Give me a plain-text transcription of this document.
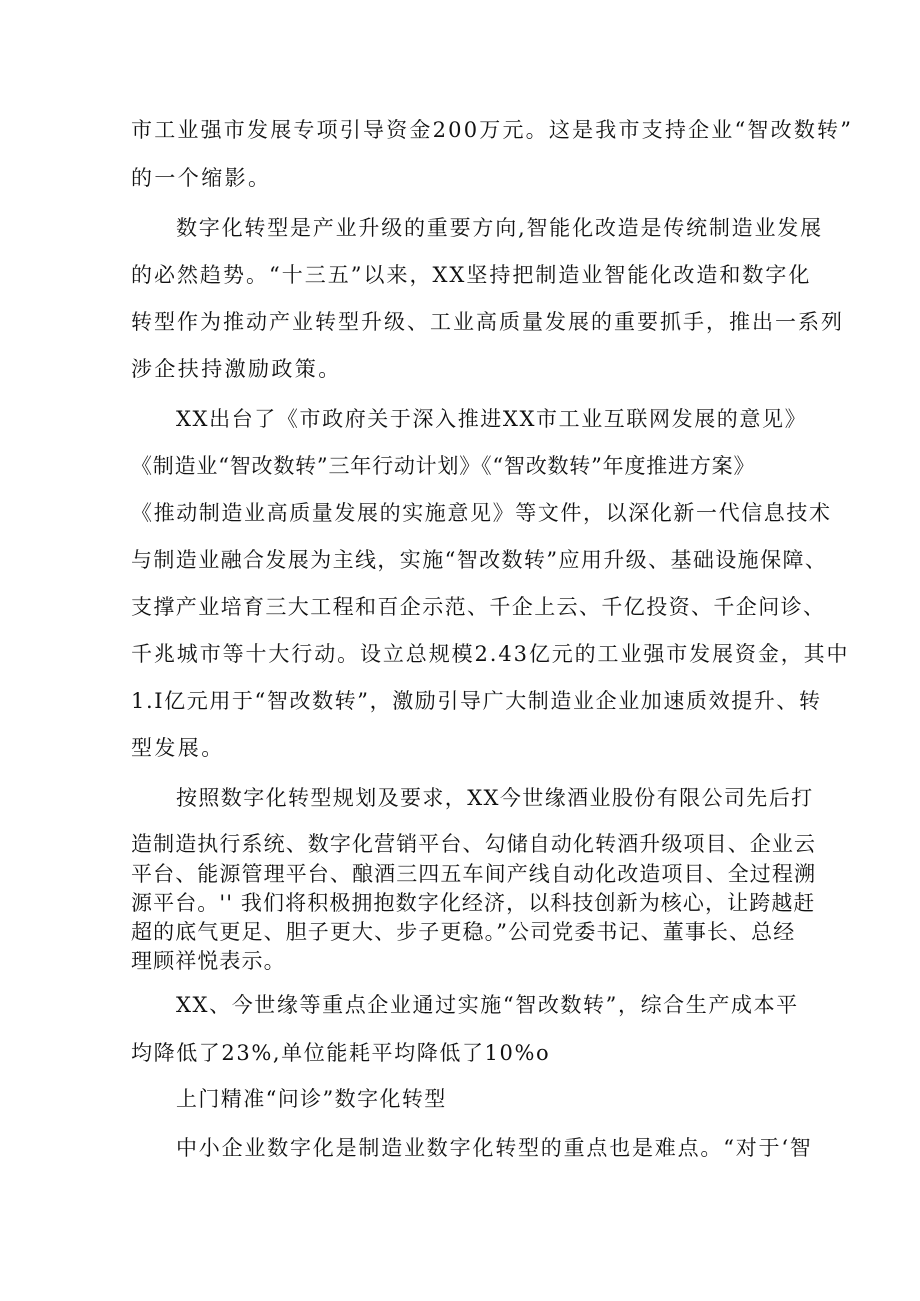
市工业强市发展专项引导资金200万元。这是我市支持企业“智改数转”
的一个缩影。
数字化转型是产业升级的重要方向,智能化改造是传统制造业发展
的必然趋势。“十三五”以来，XX坚持把制造业智能化改造和数字化
转型作为推动产业转型升级、工业高质量发展的重要抓手，推出一系列
涉企扶持激励政策。
XX出台了《市政府关于深入推进XX市工业互联网发展的意见》
《制造业“智改数转”三年行动计划》《“智改数转”年度推进方案》
《推动制造业高质量发展的实施意见》等文件，以深化新一代信息技术
与制造业融合发展为主线，实施“智改数转”应用升级、基础设施保障、
支撑产业培育三大工程和百企示范、千企上云、千亿投资、千企问诊、
千兆城市等十大行动。设立总规模2.43亿元的工业强市发展资金，其中
1.I亿元用于“智改数转”，激励引导广大制造业企业加速质效提升、转
型发展。
按照数字化转型规划及要求，XX今世缘酒业股份有限公司先后打
造制造执行系统、数字化营销平台、勾储自动化转酒升级项目、企业云
平台、能源管理平台、酿酒三四五车间产线自动化改造项目、全过程溯
源平台。'' 我们将积极拥抱数字化经济，以科技创新为核心，让跨越赶
超的底气更足、胆子更大、步子更稳。”公司党委书记、董事长、总经
理顾祥悦表示。
XX、今世缘等重点企业通过实施“智改数转”，综合生产成本平
均降低了23%,单位能耗平均降低了10%o
上门精准“问诊”数字化转型
中小企业数字化是制造业数字化转型的重点也是难点。“对于‘智
